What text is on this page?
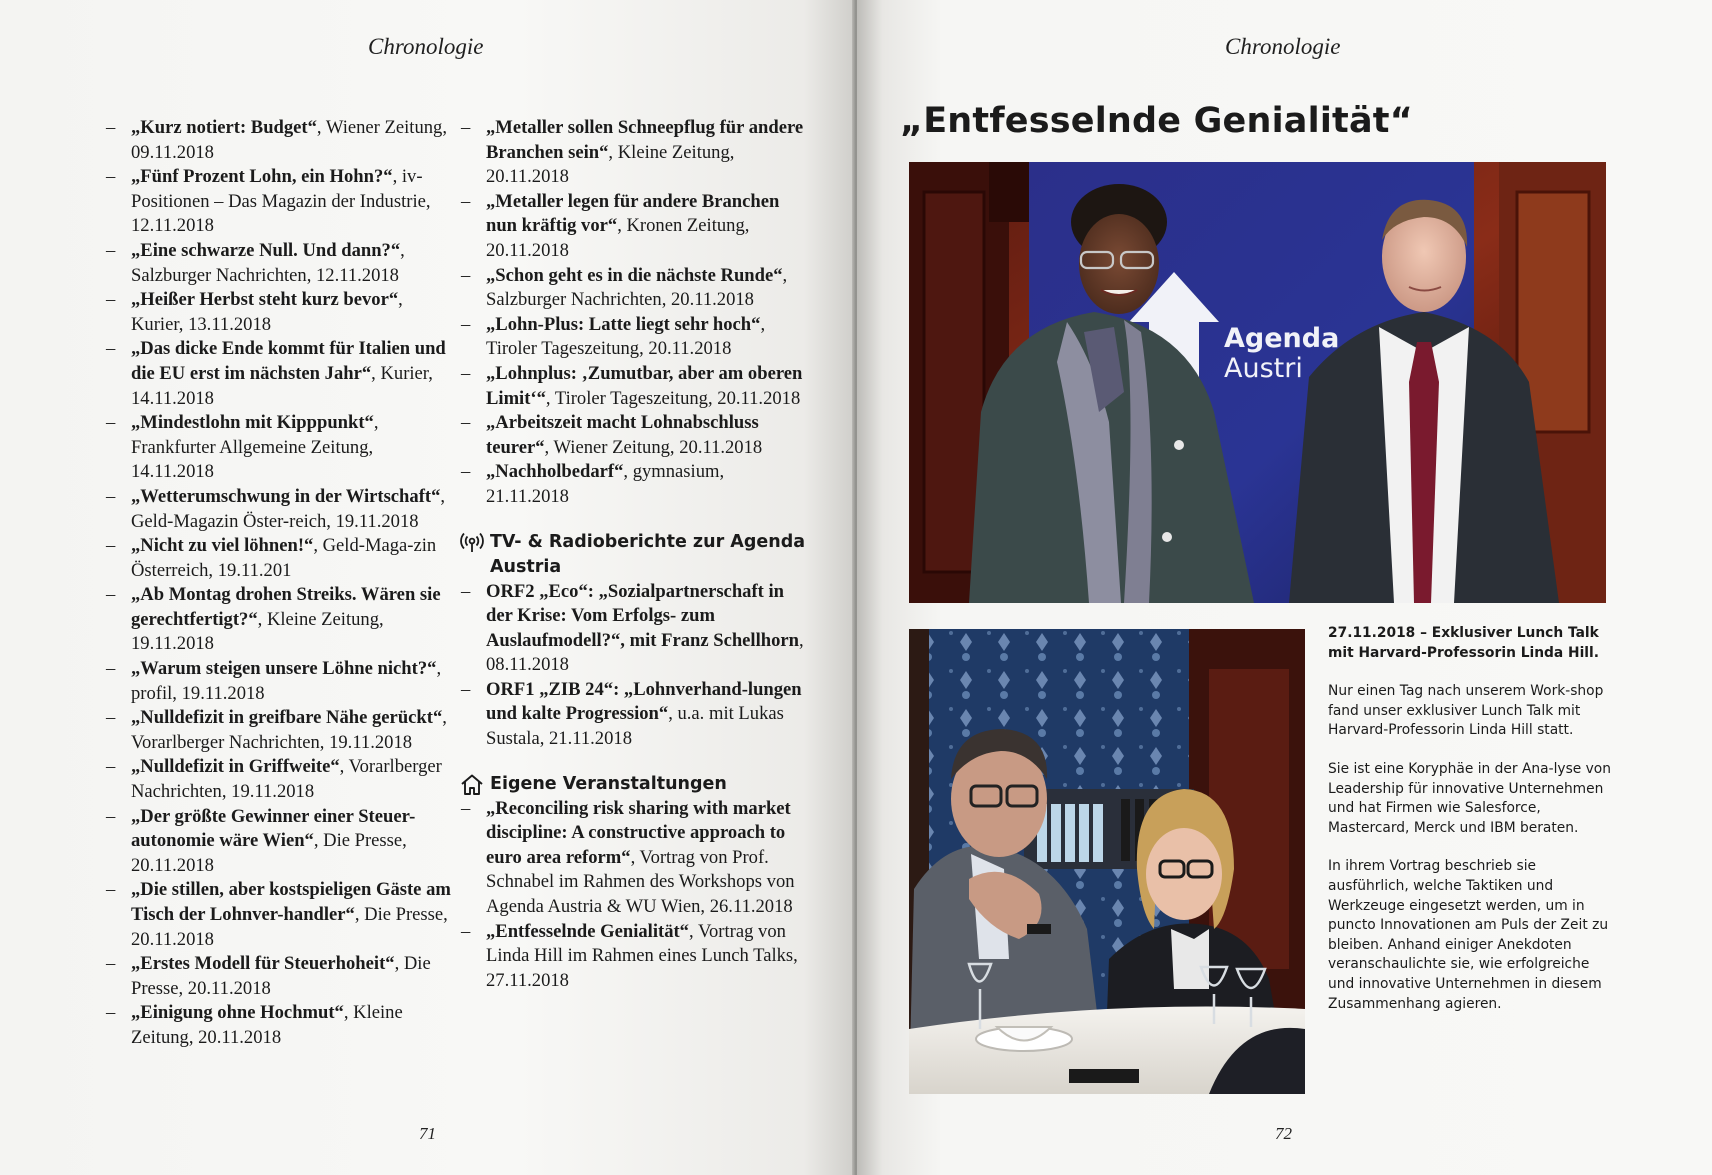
Chronologie
– „Kurz notiert: Budget“, Wiener Zeitung, 09.11.2018
– „Fünf Prozent Lohn, ein Hohn?“, iv-Positionen – Das Magazin der Industrie, 12.11.2018
– „Eine schwarze Null. Und dann?“, Salzburger Nachrichten, 12.11.2018
– „Heißer Herbst steht kurz bevor“, Kurier, 13.11.2018
– „Das dicke Ende kommt für Italien und die EU erst im nächsten Jahr“, Kurier, 14.11.2018
– „Mindestlohn mit Kipppunkt“, Frankfurter Allgemeine Zeitung, 14.11.2018
– „Wetterumschwung in der Wirtschaft“, Geld-Magazin Öster-reich, 19.11.2018
– „Nicht zu viel löhnen!“, Geld-Maga-zin Österreich, 19.11.201
– „Ab Montag drohen Streiks. Wären sie gerechtfertigt?“, Kleine Zeitung, 19.11.2018
– „Warum steigen unsere Löhne nicht?“, profil, 19.11.2018
– „Nulldefizit in greifbare Nähe gerückt“, Vorarlberger Nachrichten, 19.11.2018
– „Nulldefizit in Griffweite“, Vorarlberger Nachrichten, 19.11.2018
– „Der größte Gewinner einer Steuer-autonomie wäre Wien“, Die Presse, 20.11.2018
– „Die stillen, aber kostspieligen Gäste am Tisch der Lohnver-handler“, Die Presse, 20.11.2018
– „Erstes Modell für Steuerhoheit“, Die Presse, 20.11.2018
– „Einigung ohne Hochmut“, Kleine Zeitung, 20.11.2018
– „Metaller sollen Schneepflug für andere Branchen sein“, Kleine Zeitung, 20.11.2018
– „Metaller legen für andere Branchen nun kräftig vor“, Kronen Zeitung, 20.11.2018
– „Schon geht es in die nächste Runde“, Salzburger Nachrichten, 20.11.2018
– „Lohn-Plus: Latte liegt sehr hoch“, Tiroler Tageszeitung, 20.11.2018
– „Lohnplus: ‚Zumutbar, aber am oberen Limit‘“, Tiroler Tageszeitung, 20.11.2018
– „Arbeitszeit macht Lohnabschluss teurer“, Wiener Zeitung, 20.11.2018
– „Nachholbedarf“, gymnasium, 21.11.2018
TV- & Radioberichte zur Agenda Austria
– ORF2 „Eco“: „Sozialpartnerschaft in der Krise: Vom Erfolgs- zum Auslaufmodell?“, mit Franz Schellhorn, 08.11.2018
– ORF1 „ZIB 24“: „Lohnverhand-lungen und kalte Progression“, u.a. mit Lukas Sustala, 21.11.2018
Eigene Veranstaltungen
– „Reconciling risk sharing with market discipline: A constructive approach to euro area reform“, Vortrag von Prof. Schnabel im Rahmen des Workshops von Agenda Austria & WU Wien, 26.11.2018
– „Entfesselnde Genialität“, Vortrag von Linda Hill im Rahmen eines Lunch Talks, 27.11.2018
71
Chronologie
„Entfesselnde Genialität“
Agenda
Austri

27.11.2018 – Exklusiver Lunch Talk mit Harvard-Professorin Linda Hill.

Nur einen Tag nach unserem Work-shop fand unser exklusiver Lunch Talk mit Harvard-Professorin Linda Hill statt.

Sie ist eine Koryphäe in der Ana-lyse von Leadership für innovative Unternehmen und hat Firmen wie Salesforce, Mastercard, Merck und IBM beraten.

In ihrem Vortrag beschrieb sie ausführlich, welche Taktiken und Werkzeuge eingesetzt werden, um in puncto Innovationen am Puls der Zeit zu bleiben. Anhand einiger Anekdoten veranschaulichte sie, wie erfolgreiche und innovative Unternehmen in diesem Zusammenhang agieren.

72
